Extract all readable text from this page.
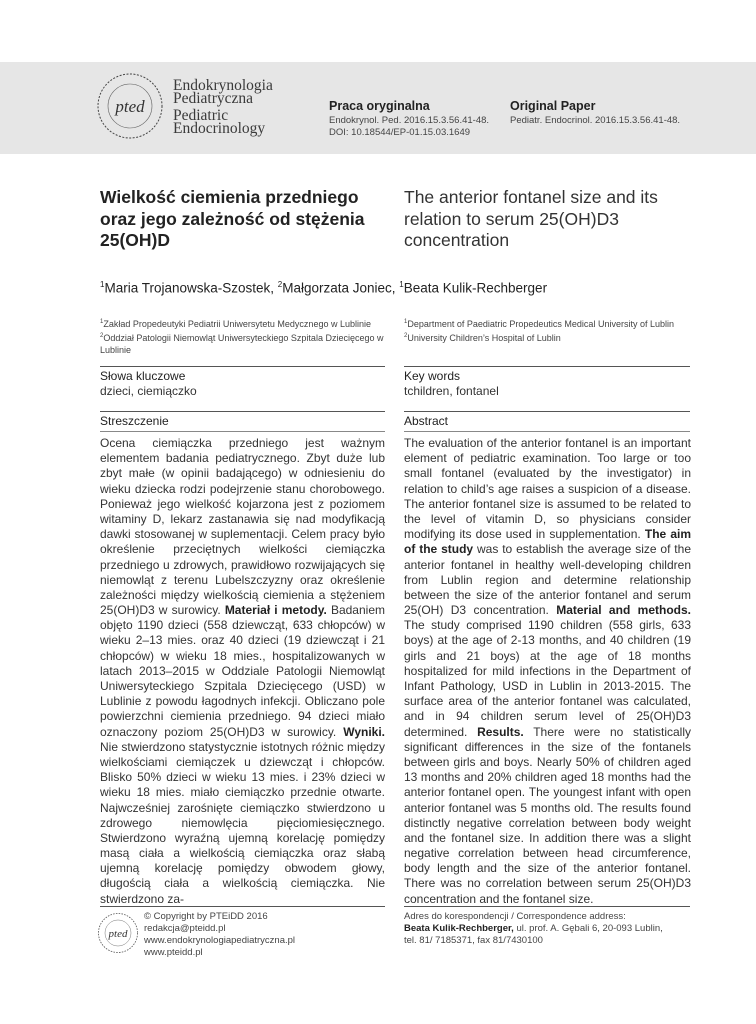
pted
Endokrynologia
Pediatryczna
Pediatric
Endocrinology
Praca oryginalna
Endokrynol. Ped. 2016.15.3.56.41-48.
DOI: 10.18544/EP-01.15.03.1649
Original Paper
Pediatr. Endocrinol. 2016.15.3.56.41-48.
Wielkość ciemienia przedniego oraz jego zależność od stężenia 25(OH)D
The anterior fontanel size and its relation to serum 25(OH)D3 concentration
$^1$Maria Trojanowska-Szostek, $^2$Małgorzata Joniec, $^1$Beata Kulik-Rechberger
$^1$Zakład Propedeutyki Pediatrii Uniwersytetu Medycznego w Lublinie $^2$Oddział Patologii Niemowląt Uniwersyteckiego Szpitala Dziecięcego w Lublinie
$^1$Department of Paediatric Propedeutics Medical University of Lublin $^2$University Children’s Hospital of Lublin
Słowa kluczowe
dzieci, ciemiączko
Key words
tchildren, fontanel
Streszczenie	Abstract
Ocena ciemiączka przedniego jest ważnym elementem badania pediatrycznego. Zbyt duże lub zbyt małe (w opinii badającego) w odniesieniu do wieku dziecka rodzi podejrzenie stanu chorobowego. Ponieważ jego wielkość kojarzona jest z poziomem witaminy D, lekarz zastanawia się nad modyfikacją dawki stosowanej w suplementacji. Celem pracy było określenie przeciętnych wielkości ciemiączka przedniego u zdrowych, prawidłowo rozwijających się niemowląt z terenu Lubelszczyzny oraz określenie zależności między wielkością ciemienia a stężeniem 25(OH)D3 w surowicy. Materiał i metody. Badaniem objęto 1190 dzieci (558 dziewcząt, 633 chłopców) w wieku 2–13 mies. oraz 40 dzieci (19 dziewcząt i 21 chłopców) w wieku 18 mies., hospitalizowanych w latach 2013–2015 w Oddziale Patologii Niemowląt Uniwersyteckiego Szpitala Dziecięcego (USD) w Lublinie z powodu łagodnych infekcji. Obliczano pole powierzchni ciemienia przedniego. 94 dzieci miało oznaczony poziom 25(OH)D3 w surowicy. Wyniki. Nie stwierdzono statystycznie istotnych różnic między wielkościami ciemiączek u dziewcząt i chłopców. Blisko 50% dzieci w wieku 13 mies. i 23% dzieci w wieku 18 mies. miało ciemiączko przednie otwarte. Najwcześniej zarośnięte ciemiączko stwierdzono u zdrowego niemowlęcia pięciomiesięcznego. Stwierdzono wyraźną ujemną korelację pomiędzy masą ciała a wielkością ciemiączka oraz słabą ujemną korelację pomiędzy obwodem głowy, długością ciała a wielkością ciemiączka. Nie stwierdzono za-
The evaluation of the anterior fontanel is an important element of pediatric examination. Too large or too small fontanel (evaluated by the investigator) in relation to child’s age raises a suspicion of a disease. The anterior fontanel size is assumed to be related to the level of vitamin D, so physicians consider modifying its dose used in supplementation. The aim of the study was to establish the average size of the anterior fontanel in healthy well-developing children from Lublin region and determine relationship between the size of the anterior fontanel and serum 25(OH) D3 concentration. Material and methods. The study comprised 1190 children (558 girls, 633 boys) at the age of 2-13 months, and 40 children (19 girls and 21 boys) at the age of 18 months hospitalized for mild infections in the Department of Infant Pathology, USD in Lublin in 2013-2015. The surface area of the anterior fontanel was calculated, and in 94 children serum level of 25(OH)D3 determined. Results. There were no statistically significant differences in the size of the fontanels between girls and boys. Nearly 50% of children aged 13 months and 20% children aged 18 months had the anterior fontanel open. The youngest infant with open anterior fontanel was 5 months old. The results found distinctly negative correlation between body weight and the fontanel size. In addition there was a slight negative correlation between head circumference, body length and the size of the anterior fontanel. There was no correlation between serum 25(OH)D3 concentration and the fontanel size.
pted
© Copyright by PTEiDD 2016
redakcja@pteidd.pl
www.endokrynologiapediatryczna.pl
www.pteidd.pl
Adres do korespondencji / Correspondence address:
Beata Kulik-Rechberger, ul. prof. A. Gębali 6, 20-093 Lublin,
tel. 81/ 7185371, fax 81/7430100
